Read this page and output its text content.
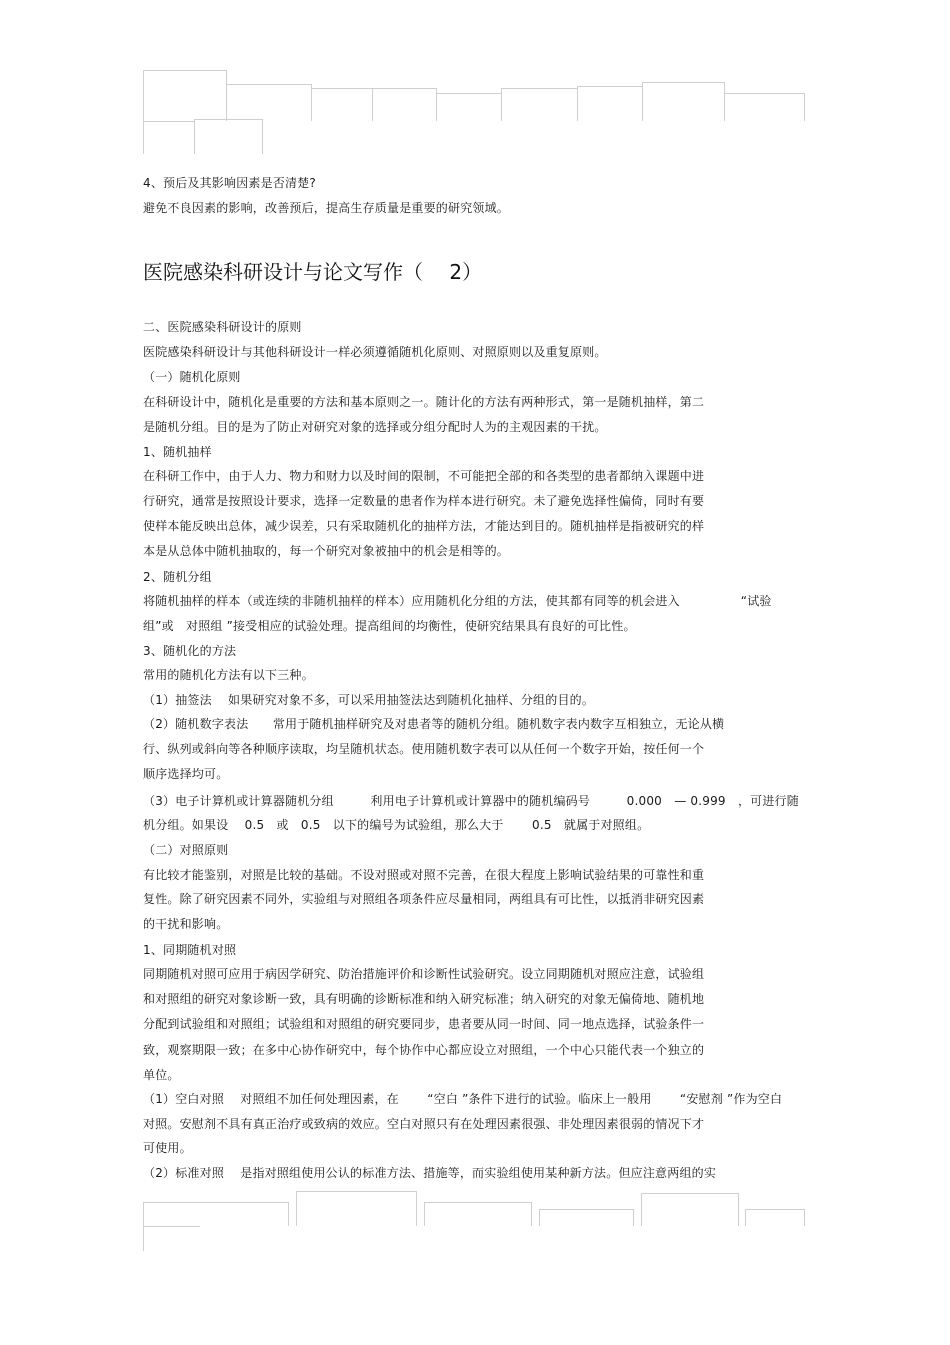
4、预后及其影响因素是否清楚?
避免不良因素的影响，改善预后，提高生存质量是重要的研究领域。
医院感染科研设计与论文写作（　 2）
二、医院感染科研设计的原则
医院感染科研设计与其他科研设计一样必须遵循随机化原则、对照原则以及重复原则。
（一）随机化原则
在科研设计中，随机化是重要的方法和基本原则之一。随计化的方法有两种形式，第一是随机抽样，第二
是随机分组。目的是为了防止对研究对象的选择或分组分配时人为的主观因素的干扰。
1、随机抽样
在科研工作中，由于人力、物力和财力以及时间的限制，不可能把全部的和各类型的患者都纳入课题中进
行研究，通常是按照设计要求，选择一定数量的患者作为样本进行研究。未了避免选择性偏倚，同时有要
使样本能反映出总体，减少误差，只有采取随机化的抽样方法，才能达到目的。随机抽样是指被研究的样
本是从总体中随机抽取的，每一个研究对象被抽中的机会是相等的。
2、随机分组
将随机抽样的样本（或连续的非随机抽样的样本）应用随机化分组的方法，使其都有同等的机会进入　　　　　“试验
组”或　对照组 ”接受相应的试验处理。提高组间的均衡性，使研究结果具有良好的可比性。
3、随机化的方法
常用的随机化方法有以下三种。
（1）抽签法　 如果研究对象不多，可以采用抽签法达到随机化抽样、分组的目的。
（2）随机数字表法　　常用于随机抽样研究及对患者等的随机分组。随机数字表内数字互相独立，无论从横
行、纵列或斜向等各种顺序读取，均呈随机状态。使用随机数字表可以从任何一个数字开始，按任何一个
顺序选择均可。
（3）电子计算机或计算器随机分组　　　利用电子计算机或计算器中的随机编码号　　　0.000　— 0.999　，可进行随
机分组。如果设　 0.5　或　0.5　以下的编号为试验组，那么大于　　 0.5　就属于对照组。
（二）对照原则
有比较才能鉴别，对照是比较的基础。不设对照或对照不完善，在很大程度上影响试验结果的可靠性和重
复性。除了研究因素不同外，实验组与对照组各项条件应尽量相同，两组具有可比性，以抵消非研究因素
的干扰和影响。
1、同期随机对照
同期随机对照可应用于病因学研究、防治措施评价和诊断性试验研究。设立同期随机对照应注意，试验组
和对照组的研究对象诊断一致，具有明确的诊断标准和纳入研究标准；纳入研究的对象无偏倚地、随机地
分配到试验组和对照组；试验组和对照组的研究要同步，患者要从同一时间、同一地点选择，试验条件一
致，观察期限一致；在多中心协作研究中，每个协作中心都应设立对照组，一个中心只能代表一个独立的
单位。
（1）空白对照　 对照组不加任何处理因素，在　　 “空白 ”条件下进行的试验。临床上一般用　　 “安慰剂 ”作为空白
对照。安慰剂不具有真正治疗或致病的效应。空白对照只有在处理因素很强、非处理因素很弱的情况下才
可使用。
（2）标准对照　 是指对照组使用公认的标准方法、措施等，而实验组使用某种新方法。但应注意两组的实
